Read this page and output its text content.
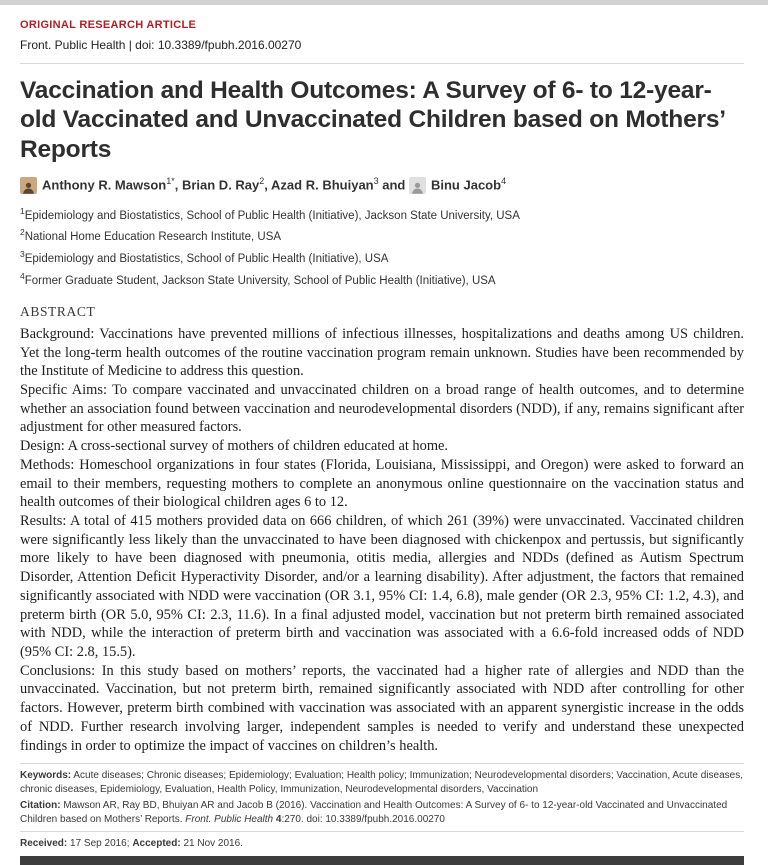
ORIGINAL RESEARCH ARTICLE
Front. Public Health | doi: 10.3389/fpubh.2016.00270
Vaccination and Health Outcomes: A Survey of 6- to 12-year-old Vaccinated and Unvaccinated Children based on Mothers’ Reports
Anthony R. Mawson$^{1*}$, Brian D. Ray$^2$, Azad R. Bhuiyan$^3$ and Binu Jacob$^4$
$^1$Epidemiology and Biostatistics, School of Public Health (Initiative), Jackson State University, USA
$^2$National Home Education Research Institute, USA
$^3$Epidemiology and Biostatistics, School of Public Health (Initiative), USA
$^4$Former Graduate Student, Jackson State University, School of Public Health (Initiative), USA
ABSTRACT

Background: Vaccinations have prevented millions of infectious illnesses, hospitalizations and deaths among US children. Yet the long-term health outcomes of the routine vaccination program remain unknown. Studies have been recommended by the Institute of Medicine to address this question.

Specific Aims: To compare vaccinated and unvaccinated children on a broad range of health outcomes, and to determine whether an association found between vaccination and neurodevelopmental disorders (NDD), if any, remains significant after adjustment for other measured factors.

Design: A cross-sectional survey of mothers of children educated at home.

Methods: Homeschool organizations in four states (Florida, Louisiana, Mississippi, and Oregon) were asked to forward an email to their members, requesting mothers to complete an anonymous online questionnaire on the vaccination status and health outcomes of their biological children ages 6 to 12.

Results: A total of 415 mothers provided data on 666 children, of which 261 (39%) were unvaccinated. Vaccinated children were significantly less likely than the unvaccinated to have been diagnosed with chickenpox and pertussis, but significantly more likely to have been diagnosed with pneumonia, otitis media, allergies and NDDs (defined as Autism Spectrum Disorder, Attention Deficit Hyperactivity Disorder, and/or a learning disability). After adjustment, the factors that remained significantly associated with NDD were vaccination (OR 3.1, 95% CI: 1.4, 6.8), male gender (OR 2.3, 95% CI: 1.2, 4.3), and preterm birth (OR 5.0, 95% CI: 2.3, 11.6). In a final adjusted model, vaccination but not preterm birth remained associated with NDD, while the interaction of preterm birth and vaccination was associated with a 6.6-fold increased odds of NDD (95% CI: 2.8, 15.5).

Conclusions: In this study based on mothers’ reports, the vaccinated had a higher rate of allergies and NDD than the unvaccinated. Vaccination, but not preterm birth, remained significantly associated with NDD after controlling for other factors. However, preterm birth combined with vaccination was associated with an apparent synergistic increase in the odds of NDD. Further research involving larger, independent samples is needed to verify and understand these unexpected findings in order to optimize the impact of vaccines on children’s health.

Keywords: Acute diseases; Chronic diseases; Epidemiology; Evaluation; Health policy; Immunization; Neurodevelopmental disorders; Vaccination, Acute diseases, chronic diseases, Epidemiology, Evaluation, Health Policy, Immunization, Neurodevelopmental disorders, Vaccination
Citation: Mawson AR, Ray BD, Bhuiyan AR and Jacob B (2016). Vaccination and Health Outcomes: A Survey of 6- to 12-year-old Vaccinated and Unvaccinated Children based on Mothers’ Reports. Front. Public Health 4:270. doi: 10.3389/fpubh.2016.00270
Received: 17 Sep 2016; Accepted: 21 Nov 2016.
